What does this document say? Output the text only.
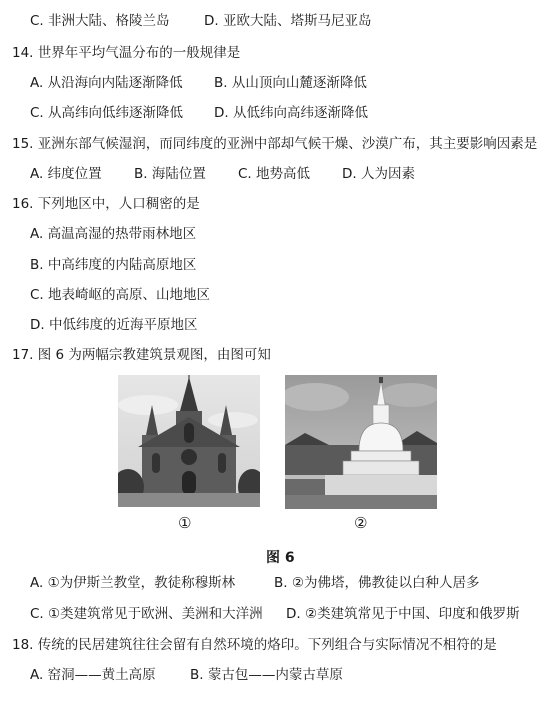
C. 非洲大陆、格陵兰岛	D. 亚欧大陆、塔斯马尼亚岛
14. 世界年平均气温分布的一般规律是
A. 从沿海向内陆逐渐降低 B. 从山顶向山麓逐渐降低
C. 从高纬向低纬逐渐降低 D. 从低纬向高纬逐渐降低
15. 亚洲东部气候湿润，而同纬度的亚洲中部却气候干燥、沙漠广布，其主要影响因素是
A. 纬度位置 B. 海陆位置 C. 地势高低 D. 人为因素
16. 下列地区中，人口稠密的是
A. 高温高湿的热带雨林地区
B. 中高纬度的内陆高原地区
C. 地表崎岖的高原、山地地区
D. 中低纬度的近海平原地区
17. 图 6 为两幅宗教建筑景观图，由图可知
①	②
图 6
A. ①为伊斯兰教堂，教徒称穆斯林	B. ②为佛塔，佛教徒以白种人居多
C. ①类建筑常见于欧洲、美洲和大洋洲 D. ②类建筑常见于中国、印度和俄罗斯
18. 传统的民居建筑往往会留有自然环境的烙印。下列组合与实际情况不相符的是
A. 窑洞——黄土高原	B. 蒙古包——内蒙古草原
